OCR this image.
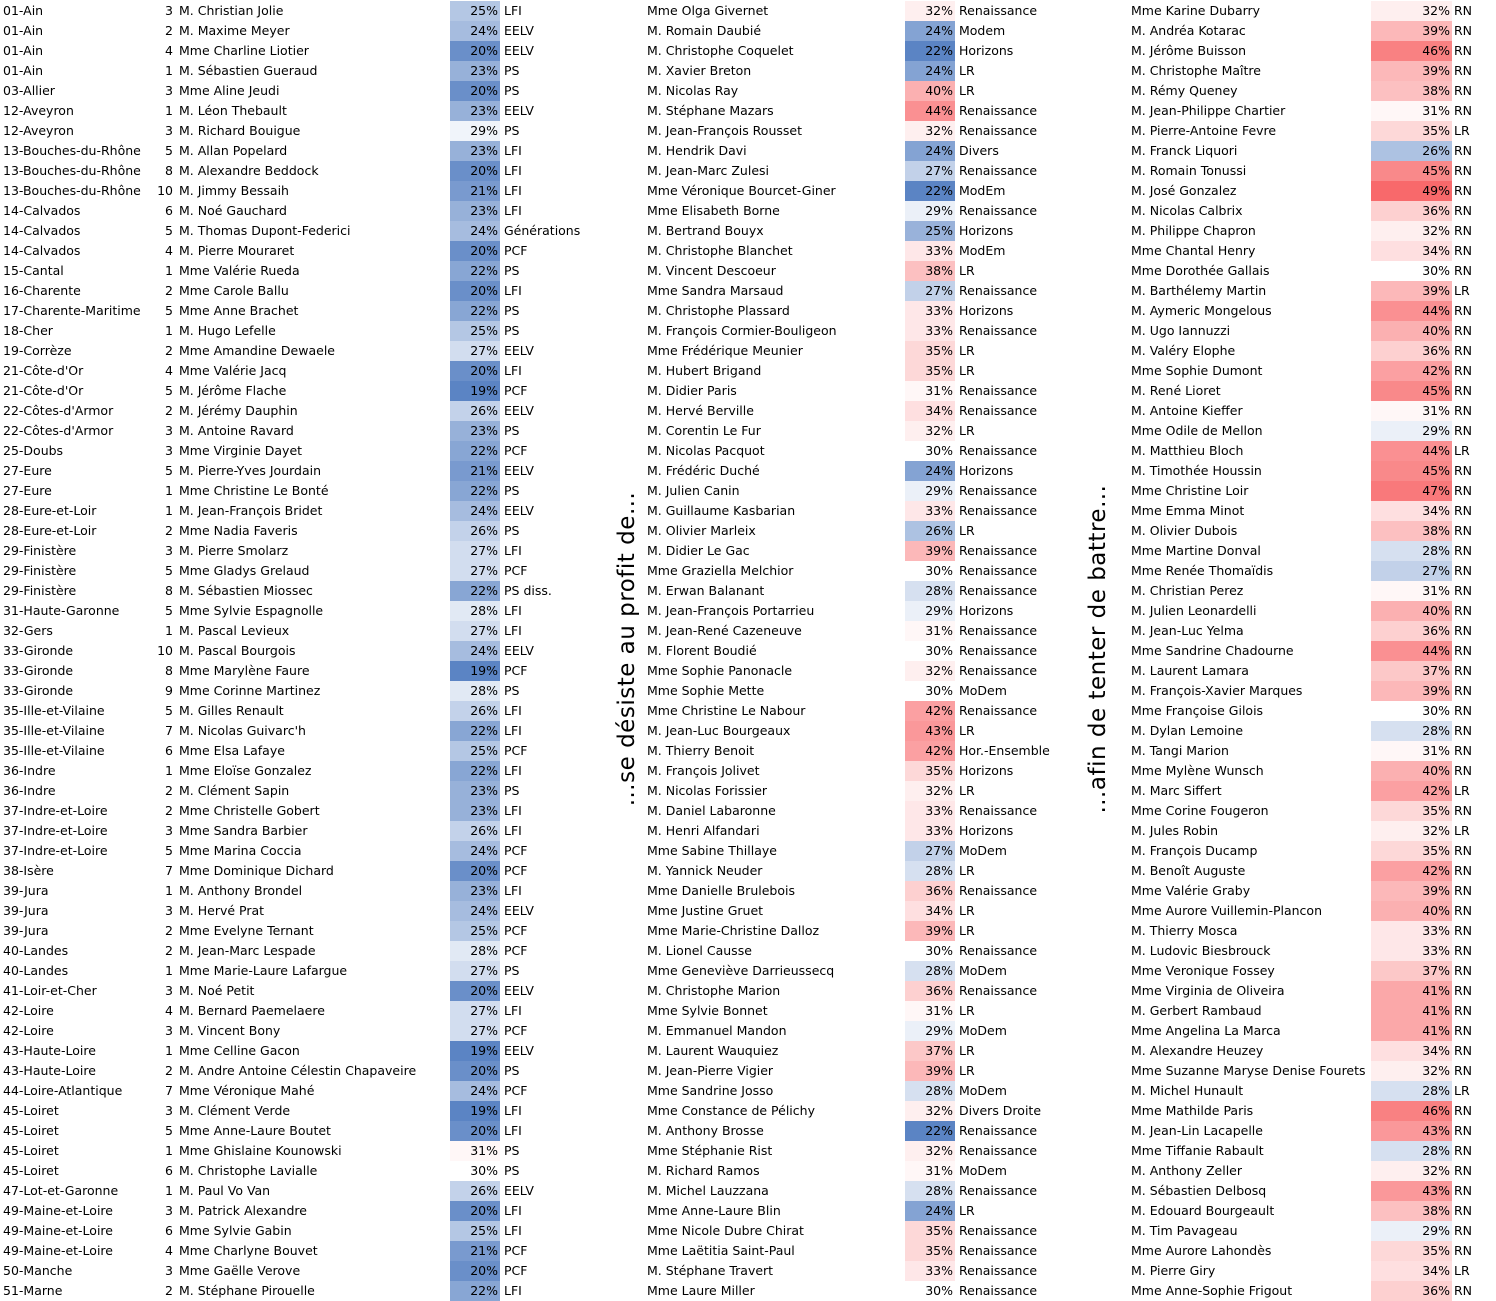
01-Ain	3 M. Christian Jolie	25% LFI	Mme Olga Givernet	32% Renaissance	Mme Karine Dubarry	32% RN
01-Ain	2 M. Maxime Meyer	24% EELV	M. Romain Daubié	24% Modem	M. Andréa Kotarac	39% RN
01-Ain	4 Mme Charline Liotier	20% EELV	M. Christophe Coquelet	22% Horizons	M. Jérôme Buisson	46% RN
01-Ain	1 M. Sébastien Gueraud	23% PS	M. Xavier Breton	24% LR	M. Christophe Maître	39% RN
03-Allier	3 Mme Aline Jeudi	20% PS	M. Nicolas Ray	40% LR	M. Rémy Queney	38% RN
12-Aveyron	1 M. Léon Thebault	23% EELV	M. Stéphane Mazars	44% Renaissance	M. Jean-Philippe Chartier	31% RN
12-Aveyron	3 M. Richard Bouigue	29% PS	M. Jean-François Rousset	32% Renaissance	M. Pierre-Antoine Fevre	35% LR
13-Bouches-du-Rhône	5 M. Allan Popelard	23% LFI	M. Hendrik Davi	24% Divers	M. Franck Liquori	26% RN
13-Bouches-du-Rhône	8 M. Alexandre Beddock	20% LFI	M. Jean-Marc Zulesi	27% Renaissance	M. Romain Tonussi	45% RN
13-Bouches-du-Rhône	10 M. Jimmy Bessaih	21% LFI	Mme Véronique Bourcet-Giner	22% ModEm	M. José Gonzalez	49% RN
14-Calvados	6 M. Noé Gauchard	23% LFI	Mme Elisabeth Borne	29% Renaissance	M. Nicolas Calbrix	36% RN
14-Calvados	5 M. Thomas Dupont-Federici	24% Générations	M. Bertrand Bouyx	25% Horizons	M. Philippe Chapron	32% RN
14-Calvados	4 M. Pierre Mouraret	20% PCF	M. Christophe Blanchet	33% ModEm	Mme Chantal Henry	34% RN
15-Cantal	1 Mme Valérie Rueda	22% PS	M. Vincent Descoeur	38% LR	Mme Dorothée Gallais	30% RN
16-Charente	2 Mme Carole Ballu	20% LFI	Mme Sandra Marsaud	27% Renaissance	M. Barthélemy Martin	39% LR
17-Charente-Maritime	5 Mme Anne Brachet	22% PS	M. Christophe Plassard	33% Horizons	M. Aymeric Mongelous	44% RN
18-Cher	1 M. Hugo Lefelle	25% PS	M. François Cormier-Bouligeon	33% Renaissance	M. Ugo Iannuzzi	40% RN
19-Corrèze	2 Mme Amandine Dewaele	27% EELV	Mme Frédérique Meunier	35% LR	M. Valéry Elophe	36% RN
21-Côte-d'Or	4 Mme Valérie Jacq	20% LFI	M. Hubert Brigand	35% LR	Mme Sophie Dumont	42% RN
21-Côte-d'Or	5 M. Jérôme Flache	19% PCF	M. Didier Paris	31% Renaissance	M. René Lioret	45% RN
22-Côtes-d'Armor	2 M. Jérémy Dauphin	26% EELV	M. Hervé Berville	34% Renaissance	M. Antoine Kieffer	31% RN
22-Côtes-d'Armor	3 M. Antoine Ravard	23% PS	M. Corentin Le Fur	32% LR	Mme Odile de Mellon	29% RN
25-Doubs	3 Mme Virginie Dayet	22% PCF	M. Nicolas Pacquot	30% Renaissance	M. Matthieu Bloch	44% LR
27-Eure	5 M. Pierre-Yves Jourdain	21% EELV	M. Frédéric Duché	24% Horizons	M. Timothée Houssin	45% RN
27-Eure	1 Mme Christine Le Bonté	22% PS	M. Julien Canin	29% Renaissance	Mme Christine Loir	47% RN
28-Eure-et-Loir	1 M. Jean-François Bridet	24% EELV	M. Guillaume Kasbarian	33% Renaissance	Mme Emma Minot	34% RN
28-Eure-et-Loir	2 Mme Nadia Faveris	26% PS	M. Olivier Marleix	26% LR	M. Olivier Dubois	38% RN
29-Finistère	3 M. Pierre Smolarz	27% LFI	M. Didier Le Gac	39% Renaissance	Mme Martine Donval	28% RN
29-Finistère	5 Mme Gladys Grelaud	27% PCF	Mme Graziella Melchior	30% Renaissance	Mme Renée Thomaïdis	27% RN
29-Finistère	8 M. Sébastien Miossec	22% PS diss.	M. Erwan Balanant	28% Renaissance	M. Christian Perez	31% RN
31-Haute-Garonne	5 Mme Sylvie Espagnolle	28% LFI	M. Jean-François Portarrieu	29% Horizons	M. Julien Leonardelli	40% RN
32-Gers	1 M. Pascal Levieux	27% LFI	M. Jean-René Cazeneuve	31% Renaissance	M. Jean-Luc Yelma	36% RN
33-Gironde	10 M. Pascal Bourgois	24% EELV	M. Florent Boudié	30% Renaissance	Mme Sandrine Chadourne	44% RN
33-Gironde	8 Mme Marylène Faure	19% PCF	Mme Sophie Panonacle	32% Renaissance	M. Laurent Lamara	37% RN
33-Gironde	9 Mme Corinne Martinez	28% PS	Mme Sophie Mette	30% MoDem	M. François-Xavier Marques	39% RN
35-Ille-et-Vilaine	5 M. Gilles Renault	26% LFI	Mme Christine Le Nabour	42% Renaissance	Mme Françoise Gilois	30% RN
35-Ille-et-Vilaine	7 M. Nicolas Guivarc'h	22% LFI	M. Jean-Luc Bourgeaux	43% LR	M. Dylan Lemoine	28% RN
35-Ille-et-Vilaine	6 Mme Elsa Lafaye	25% PCF	M. Thierry Benoit	42% Hor.-Ensemble	M. Tangi Marion	31% RN
36-Indre	1 Mme Eloïse Gonzalez	22% LFI	M. François Jolivet	35% Horizons	Mme Mylène Wunsch	40% RN
36-Indre	2 M. Clément Sapin	23% PS	M. Nicolas Forissier	32% LR	M. Marc Siffert	42% LR
37-Indre-et-Loire	2 Mme Christelle Gobert	23% LFI	M. Daniel Labaronne	33% Renaissance	Mme Corine Fougeron	35% RN
37-Indre-et-Loire	3 Mme Sandra Barbier	26% LFI	M. Henri Alfandari	33% Horizons	M. Jules Robin	32% LR
37-Indre-et-Loire	5 Mme Marina Coccia	24% PCF	Mme Sabine Thillaye	27% MoDem	M. François Ducamp	35% RN
38-Isère	7 Mme Dominique Dichard	20% PCF	M. Yannick Neuder	28% LR	M. Benoît Auguste	42% RN
39-Jura	1 M. Anthony Brondel	23% LFI	Mme Danielle Brulebois	36% Renaissance	Mme Valérie Graby	39% RN
39-Jura	3 M. Hervé Prat	24% EELV	Mme Justine Gruet	34% LR	Mme Aurore Vuillemin-Plancon	40% RN
39-Jura	2 Mme Evelyne Ternant	25% PCF	Mme Marie-Christine Dalloz	39% LR	M. Thierry Mosca	33% RN
40-Landes	2 M. Jean-Marc Lespade	28% PCF	M. Lionel Causse	30% Renaissance	M. Ludovic Biesbrouck	33% RN
40-Landes	1 Mme Marie-Laure Lafargue	27% PS	Mme Geneviève Darrieussecq	28% MoDem	Mme Veronique Fossey	37% RN
41-Loir-et-Cher	3 M. Noé Petit	20% EELV	M. Christophe Marion	36% Renaissance	Mme Virginia de Oliveira	41% RN
42-Loire	4 M. Bernard Paemelaere	27% LFI	Mme Sylvie Bonnet	31% LR	M. Gerbert Rambaud	41% RN
42-Loire	3 M. Vincent Bony	27% PCF	M. Emmanuel Mandon	29% MoDem	Mme Angelina La Marca	41% RN
43-Haute-Loire	1 Mme Celline Gacon	19% EELV	M. Laurent Wauquiez	37% LR	M. Alexandre Heuzey	34% RN
43-Haute-Loire	2 M. Andre Antoine Célestin Chapaveire	20% PS	M. Jean-Pierre Vigier	39% LR	Mme Suzanne Maryse Denise Fourets	32% RN
44-Loire-Atlantique	7 Mme Véronique Mahé	24% PCF	Mme Sandrine Josso	28% MoDem	M. Michel Hunault	28% LR
45-Loiret	3 M. Clément Verde	19% LFI	Mme Constance de Pélichy	32% Divers Droite	Mme Mathilde Paris	46% RN
45-Loiret	5 Mme Anne-Laure Boutet	20% LFI	M. Anthony Brosse	22% Renaissance	M. Jean-Lin Lacapelle	43% RN
45-Loiret	1 Mme Ghislaine Kounowski	31% PS	Mme Stéphanie Rist	32% Renaissance	Mme Tiffanie Rabault	28% RN
45-Loiret	6 M. Christophe Lavialle	30% PS	M. Richard Ramos	31% MoDem	M. Anthony Zeller	32% RN
47-Lot-et-Garonne	1 M. Paul Vo Van	26% EELV	M. Michel Lauzzana	28% Renaissance	M. Sébastien Delbosq	43% RN
49-Maine-et-Loire	3 M. Patrick Alexandre	20% LFI	Mme Anne-Laure Blin	24% LR	M. Edouard Bourgeault	38% RN
49-Maine-et-Loire	6 Mme Sylvie Gabin	25% LFI	Mme Nicole Dubre Chirat	35% Renaissance	M. Tim Pavageau	29% RN
49-Maine-et-Loire	4 Mme Charlyne Bouvet	21% PCF	Mme Laëtitia Saint-Paul	35% Renaissance	Mme Aurore Lahondès	35% RN
50-Manche	3 Mme Gaëlle Verove	20% PCF	M. Stéphane Travert	33% Renaissance	M. Pierre Giry	34% LR
51-Marne	2 M. Stéphane Pirouelle	22% LFI	Mme Laure Miller	30% Renaissance	Mme Anne-Sophie Frigout	36% RN
…se désiste au profit de…	…afin de tenter de battre…
